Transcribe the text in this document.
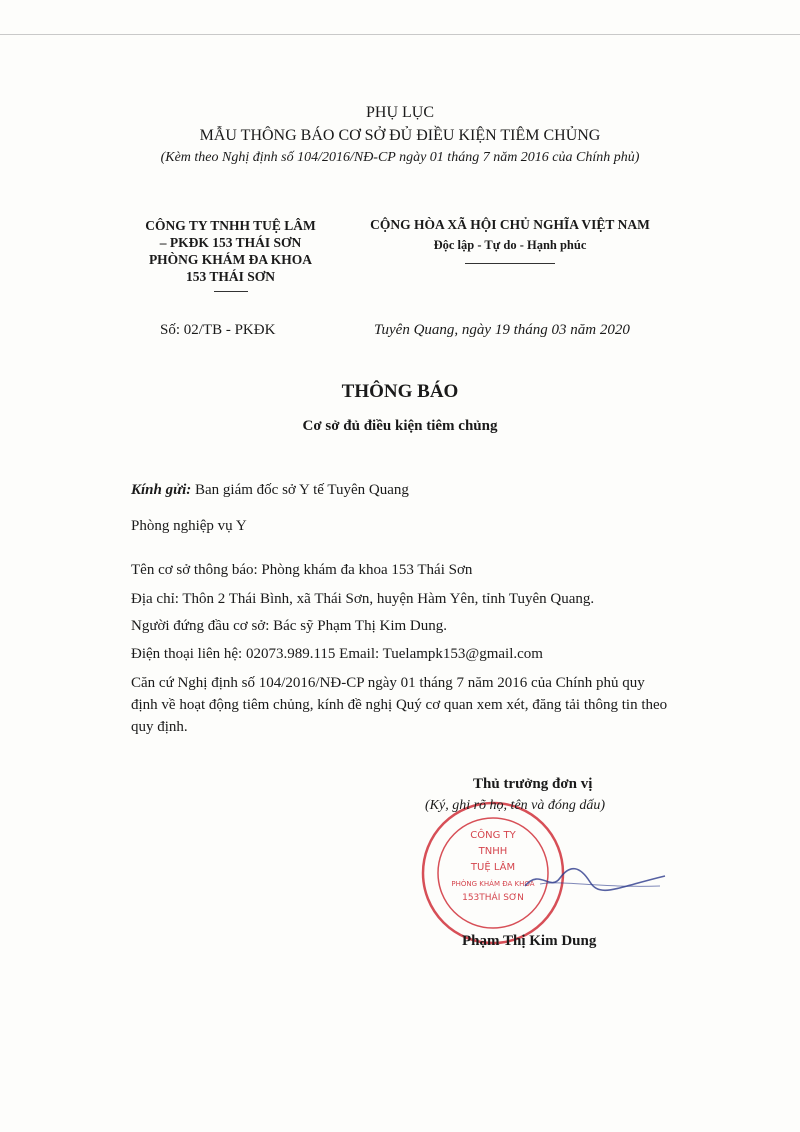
PHỤ LỤC
MẪU THÔNG BÁO CƠ SỞ ĐỦ ĐIỀU KIỆN TIÊM CHỦNG
(Kèm theo Nghị định số 104/2016/NĐ-CP ngày 01 tháng 7 năm 2016 của Chính phủ)
CÔNG TY TNHH TUỆ LÂM
– PKĐK 153 THÁI SƠN
PHÒNG KHÁM ĐA KHOA
153 THÁI SƠN
CỘNG HÒA XÃ HỘI CHỦ NGHĨA VIỆT NAM
Độc lập - Tự do - Hạnh phúc
Số: 02/TB - PKĐK	Tuyên Quang, ngày 19 tháng 03 năm 2020
THÔNG BÁO
Cơ sở đủ điều kiện tiêm chủng
Kính gửi: Ban giám đốc sở Y tế Tuyên Quang
Phòng nghiệp vụ Y
Tên cơ sở thông báo: Phòng khám đa khoa 153 Thái Sơn
Địa chỉ: Thôn 2 Thái Bình, xã Thái Sơn, huyện Hàm Yên, tỉnh Tuyên Quang.
Người đứng đầu cơ sở: Bác sỹ Phạm Thị Kim Dung.
Điện thoại liên hệ: 02073.989.115 Email: Tuelampk153@gmail.com
Căn cứ Nghị định số 104/2016/NĐ-CP ngày 01 tháng 7 năm 2016 của Chính phủ quy định về hoạt động tiêm chủng, kính đề nghị Quý cơ quan xem xét, đăng tải thông tin theo quy định.
CÔNG TY
TNHH
TUỆ LÂM
PHÒNG KHÁM ĐA KHOA
153THÁI SƠN
Thủ trưởng đơn vị
(Ký, ghi rõ họ, tên và đóng dấu)
Phạm Thị Kim Dung
